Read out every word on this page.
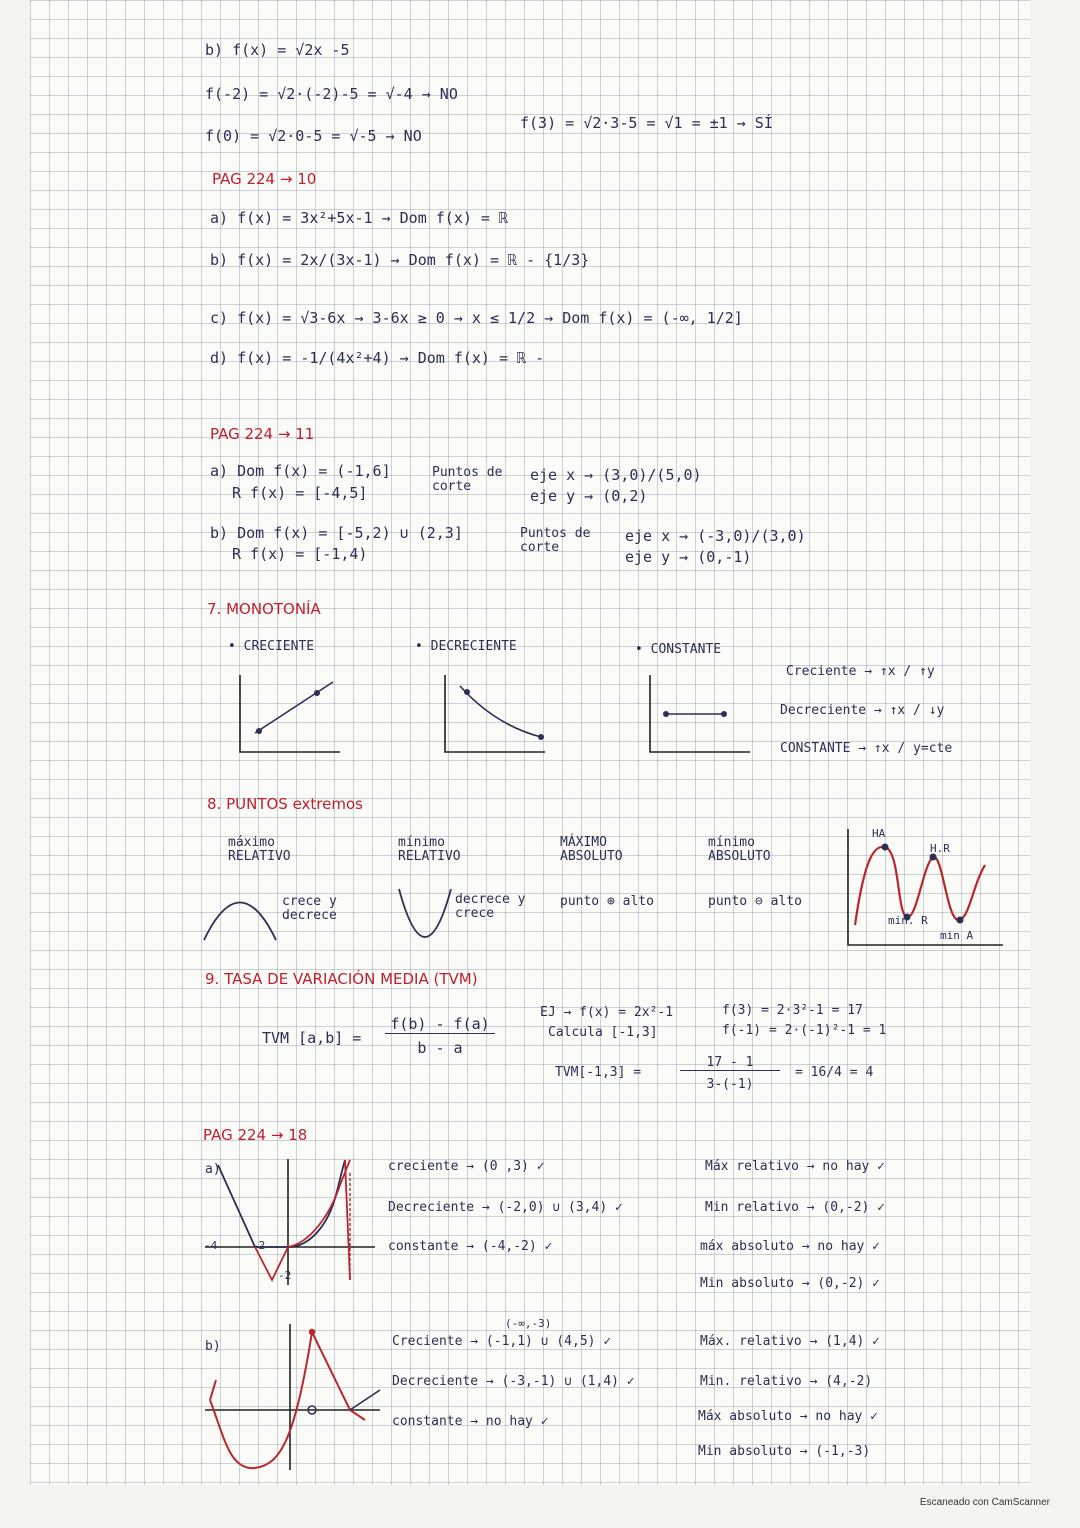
b) f(x) = √2x -5
f(-2) = √2·(-2)-5 = √-4 → NO
f(0) = √2·0-5 = √-5 → NO
f(3) = √2·3-5 = √1 = ±1 → SÍ
PAG 224 → 10
a) f(x) = 3x²+5x-1 → Dom f(x) = ℝ
b) f(x) = 2x/(3x-1) → Dom f(x) = ℝ - {1/3}
c) f(x) = √3-6x → 3-6x ≥ 0 → x ≤ 1/2 → Dom f(x) = (-∞, 1/2]
d) f(x) = -1/(4x²+4) → Dom f(x) = ℝ -
PAG 224 → 11
a) Dom f(x) = (-1,6]
R f(x) = [-4,5]
Puntos de corte
eje x → (3,0)/(5,0)
eje y → (0,2)
b) Dom f(x) = [-5,2) ∪ (2,3]
R f(x) = [-1,4)
Puntos de corte
eje x → (-3,0)/(3,0)
eje y → (0,-1)
7. MONOTONÍA
• CRECIENTE	• DECRECIENTE	• CONSTANTE
Creciente → ↑x / ↑y
Decreciente → ↑x / ↓y
CONSTANTE → ↑x / y=cte
8. PUNTOS extremos
máximo RELATIVO
mínimo RELATIVO
MÁXIMO ABSOLUTO
mínimo ABSOLUTO
crece y decrece
decrece y crece
punto ⊕ alto	punto ⊖ alto
HA
H.R
min. R
min A
9. TASA DE VARIACIÓN MEDIA (TVM)
TVM [a,b] =
f(b) - f(a)
b - a
EJ → f(x) = 2x²-1
Calcula [-1,3]
f(3) = 2·3²-1 = 17
f(-1) = 2·(-1)²-1 = 1
TVM[-1,3] =
17 - 1
3-(-1)
= 16/4 = 4
PAG 224 → 18
a)
-4	-2
-2
creciente → (0 ,3) ✓
Decreciente → (-2,0) ∪ (3,4) ✓
constante → (-4,-2) ✓
Máx relativo → no hay ✓
Min relativo → (0,-2) ✓
máx absoluto → no hay ✓
Min absoluto → (0,-2) ✓
b)
(-∞,-3)
Creciente → (-1,1) ∪ (4,5) ✓
Decreciente → (-3,-1) ∪ (1,4) ✓
constante → no hay ✓
Máx. relativo → (1,4) ✓
Min. relativo → (4,-2)
Máx absoluto → no hay ✓
Min absoluto → (-1,-3)
Escaneado con CamScanner
